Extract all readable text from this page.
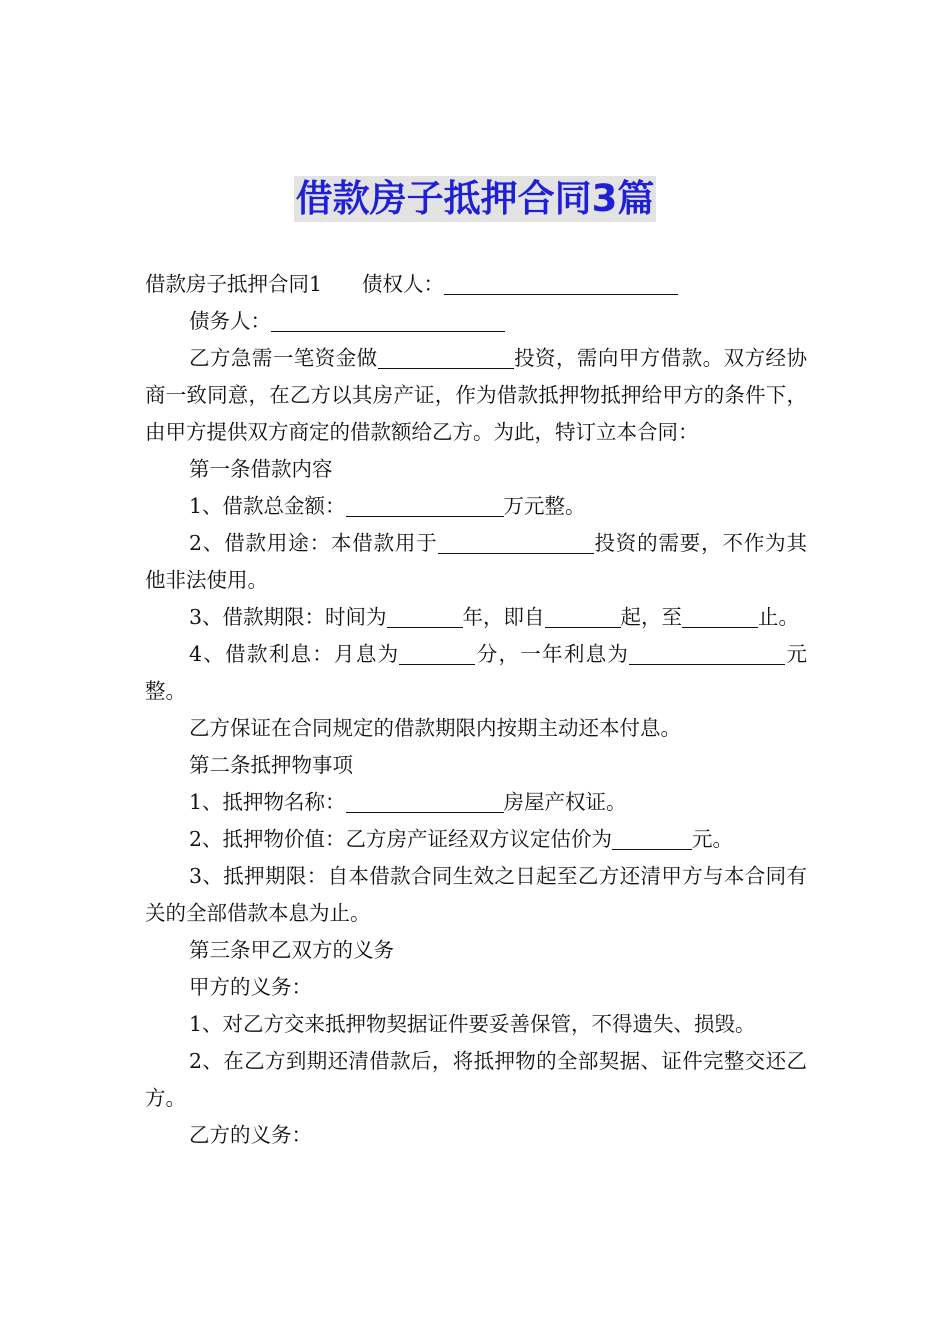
借款房子抵押合同3篇

借款房子抵押合同1 债权人：

债务人：

乙方急需一笔资金做	投资，需向甲方借款。双方经协商一致同意，在乙方以其房产证，作为借款抵押物抵押给甲方的条件下，由甲方提供双方商定的借款额给乙方。为此，特订立本合同：

第一条借款内容

1、借款总金额：	万元整。

2、借款用途：本借款用于	投资的需要，不作为其他非法使用。

3、借款期限：时间为	年，即自	起，至	止。

4、借款利息：月息为	分，一年利息为	元整。

乙方保证在合同规定的借款期限内按期主动还本付息。

第二条抵押物事项

1、抵押物名称：	房屋产权证。

2、抵押物价值：乙方房产证经双方议定估价为	元。

3、抵押期限：自本借款合同生效之日起至乙方还清甲方与本合同有关的全部借款本息为止。

第三条甲乙双方的义务

甲方的义务：

1、对乙方交来抵押物契据证件要妥善保管，不得遗失、损毁。

2、在乙方到期还清借款后，将抵押物的全部契据、证件完整交还乙方。

乙方的义务：
